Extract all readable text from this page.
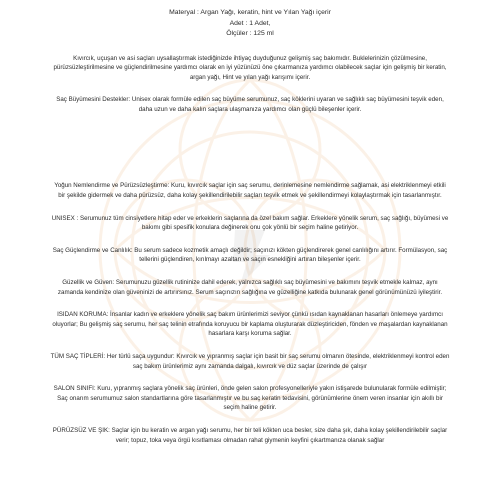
Materyal : Argan Yağı, keratin, hint ve Yılan Yağı içerir
Adet : 1 Adet,
Ölçüler : 125 ml

Kıvırcık, uçuşan ve asi saçları uysallaştırmak istediğinizde ihtiyaç duyduğunuz gelişmiş saç bakımıdır. Buklelerinizin çözülmesine, pürüzsüzleştirilmesine ve güçlendirilmesine yardımcı olarak en iyi yüzünüzü öne çıkarmanıza yardımcı olabilecek saçlar için gelişmiş bir keratin, argan yağı, Hint ve yılan yağı karışımı içerir.

Saç Büyümesini Destekler: Unisex olarak formüle edilen saç büyüme serumunuz, saç köklerini uyaran ve sağlıklı saç büyümesini teşvik eden, daha uzun ve daha kalın saçlara ulaşmanıza yardımcı olan güçlü bileşenler içerir.

Yoğun Nemlendirme ve Pürüzsüzleştirme: Kuru, kıvırcık saçlar için saç serumu, derinlemesine nemlendirme sağlamak, asi elektriklenmeyi etkili bir şekilde gidermek ve daha pürüzsüz, daha kolay şekillendirilebilir saçları teşvik etmek ve şekillendirmeyi kolaylaştırmak için tasarlanmıştır.

UNISEX : Serumunuz tüm cinsiyetlere hitap eder ve erkeklerin saçlarına da özel bakım sağlar. Erkeklere yönelik serum, saç sağlığı, büyümesi ve bakımı gibi spesifik konulara değinerek onu çok yönlü bir seçim haline getiriyor.

Saç Güçlendirme ve Canlılık: Bu serum sadece kozmetik amaçlı değildir; saçınızı kökten güçlendirerek genel canlılığını artırır. Formülasyon, saç tellerini güçlendiren, kırılmayı azaltan ve saçın esnekliğini artıran bileşenler içerir.

Güzellik ve Güven: Serumunuzu güzellik rutininize dahil ederek, yalnızca sağlıklı saç büyümesini ve bakımını teşvik etmekle kalmaz, aynı zamanda kendinize olan güveninizi de artırırsınız. Serum saçınızın sağlığına ve güzelliğine katkıda bulunarak genel görünümünüzü iyileştirir.

ISIDAN KORUMA: İnsanlar kadın ve erkeklere yönelik saç bakım ürünlerimizi seviyor çünkü ısıdan kaynaklanan hasarları önlemeye yardımcı oluyorlar; Bu gelişmiş saç serumu, her saç telinin etrafında koruyucu bir kaplama oluşturarak düzleştiriciden, fönden ve maşalardan kaynaklanan hasarlara karşı koruma sağlar.

TÜM SAÇ TİPLERİ: Her türlü saça uygundur: Kıvırcık ve yıpranmış saçlar için basit bir saç serumu olmanın ötesinde, elektriklenmeyi kontrol eden saç bakım ürünlerimiz aynı zamanda dalgalı, kıvırcık ve düz saçlar üzerinde de çalışır

SALON SINIFI: Kuru, yıpranmış saçlara yönelik saç ürünleri, önde gelen salon profesyonelleriyle yakın istişarede bulunularak formüle edilmiştir; Saç onarım serumumuz salon standartlarına göre tasarlanmıştır ve bu saç keratin tedavisini, görünümlerine önem veren insanlar için akıllı bir seçim haline getirir.

PÜRÜZSÜZ VE ŞIK: Saçlar için bu keratin ve argan yağı serumu, her bir teli kökten uca besler, size daha şık, daha kolay şekillendirilebilir saçlar verir; topuz, toka veya örgü kısıtlaması olmadan rahat giymenin keyfini çıkartmanıza olanak sağlar
